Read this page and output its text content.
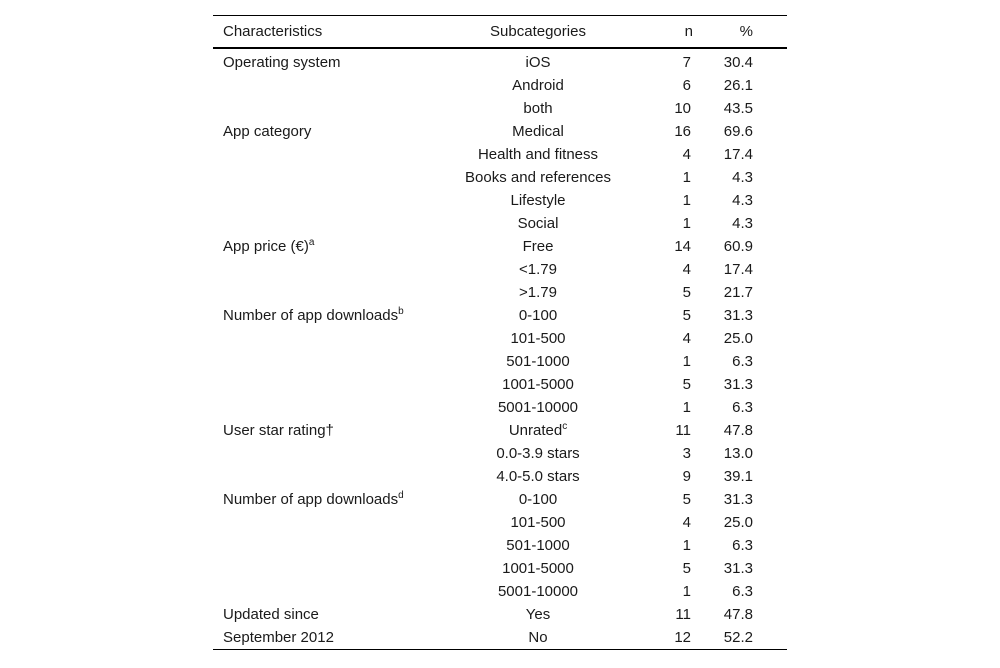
Characteristics	Subcategories	n	%
Operating system	iOS	7	30.4
	Android	6	26.1
	both	10	43.5
App category	Medical	16	69.6
	Health and fitness	4	17.4
	Books and references	1	4.3
	Lifestyle	1	4.3
	Social	1	4.3
App price (€)$^a$	Free	14	60.9
	<1.79	4	17.4
	>1.79	5	21.7
Number of app downloads$^b$	0-100	5	31.3
	101-500	4	25.0
	501-1000	1	6.3
	1001-5000	5	31.3
	5001-10000	1	6.3
User star rating†	Unrated$^c$	11	47.8
	0.0-3.9 stars	3	13.0
	4.0-5.0 stars	9	39.1
Number of app downloads$^d$	0-100	5	31.3
	101-500	4	25.0
	501-1000	1	6.3
	1001-5000	5	31.3
	5001-10000	1	6.3
Updated since	Yes	11	47.8
September 2012	No	12	52.2
